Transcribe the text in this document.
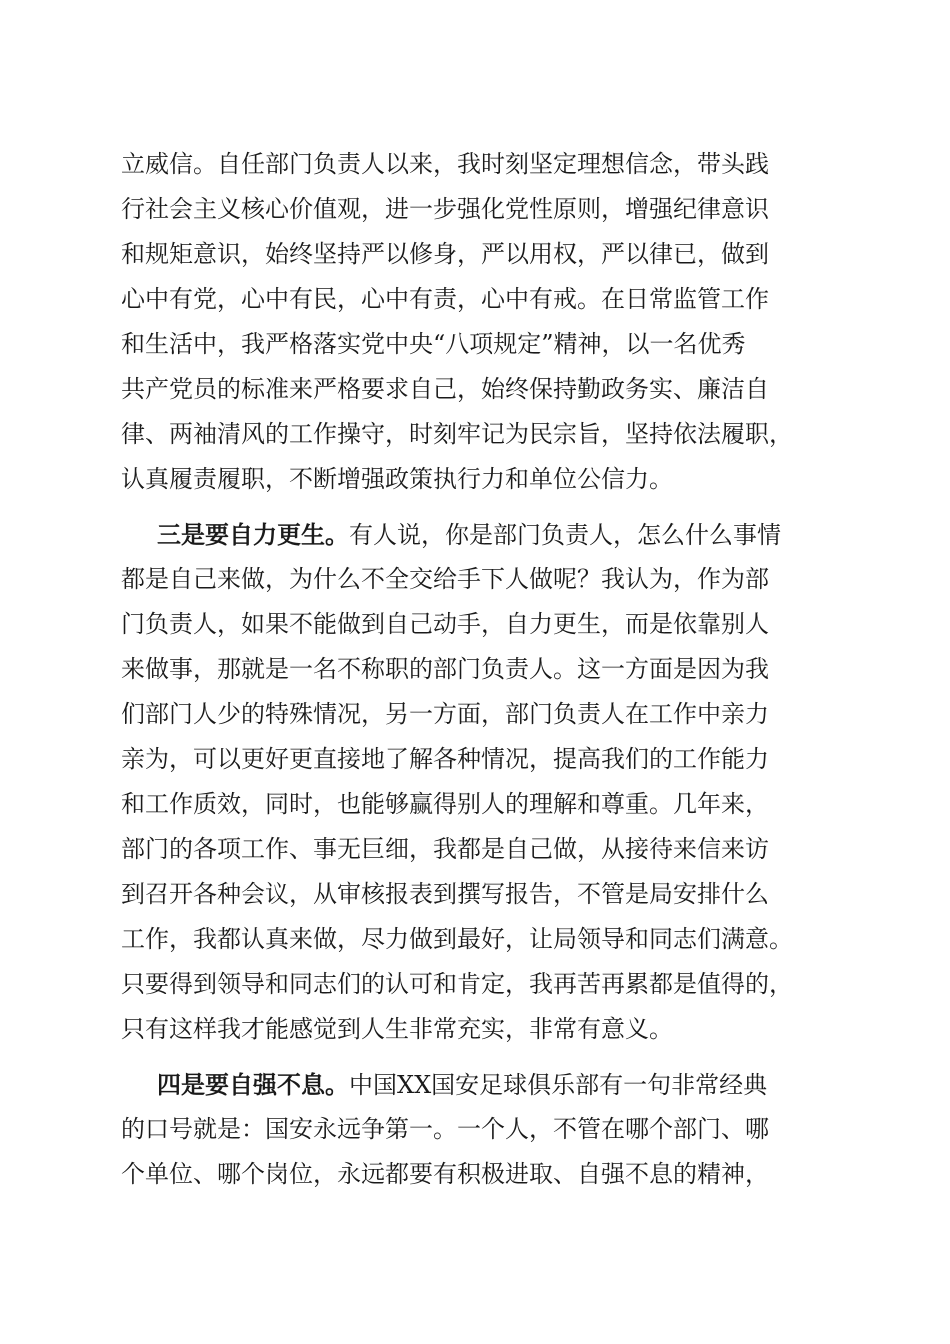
立威信。自任部门负责人以来，我时刻坚定理想信念，带头践
行社会主义核心价值观，进一步强化党性原则，增强纪律意识
和规矩意识，始终坚持严以修身，严以用权，严以律已，做到
心中有党，心中有民，心中有责，心中有戒。在日常监管工作
和生活中，我严格落实党中央“八项规定”精神，以一名优秀
共产党员的标准来严格要求自己，始终保持勤政务实、廉洁自
律、两袖清风的工作操守，时刻牢记为民宗旨，坚持依法履职，
认真履责履职，不断增强政策执行力和单位公信力。
三是要自力更生。有人说，你是部门负责人，怎么什么事情
都是自己来做，为什么不全交给手下人做呢？我认为，作为部
门负责人，如果不能做到自己动手，自力更生，而是依靠别人
来做事，那就是一名不称职的部门负责人。这一方面是因为我
们部门人少的特殊情况，另一方面，部门负责人在工作中亲力
亲为，可以更好更直接地了解各种情况，提高我们的工作能力
和工作质效，同时，也能够赢得别人的理解和尊重。几年来，
部门的各项工作、事无巨细，我都是自己做，从接待来信来访
到召开各种会议，从审核报表到撰写报告，不管是局安排什么
工作，我都认真来做，尽力做到最好，让局领导和同志们满意。
只要得到领导和同志们的认可和肯定，我再苦再累都是值得的，
只有这样我才能感觉到人生非常充实，非常有意义。
四是要自强不息。中国XX国安足球俱乐部有一句非常经典
的口号就是：国安永远争第一。一个人，不管在哪个部门、哪
个单位、哪个岗位，永远都要有积极进取、自强不息的精神，
